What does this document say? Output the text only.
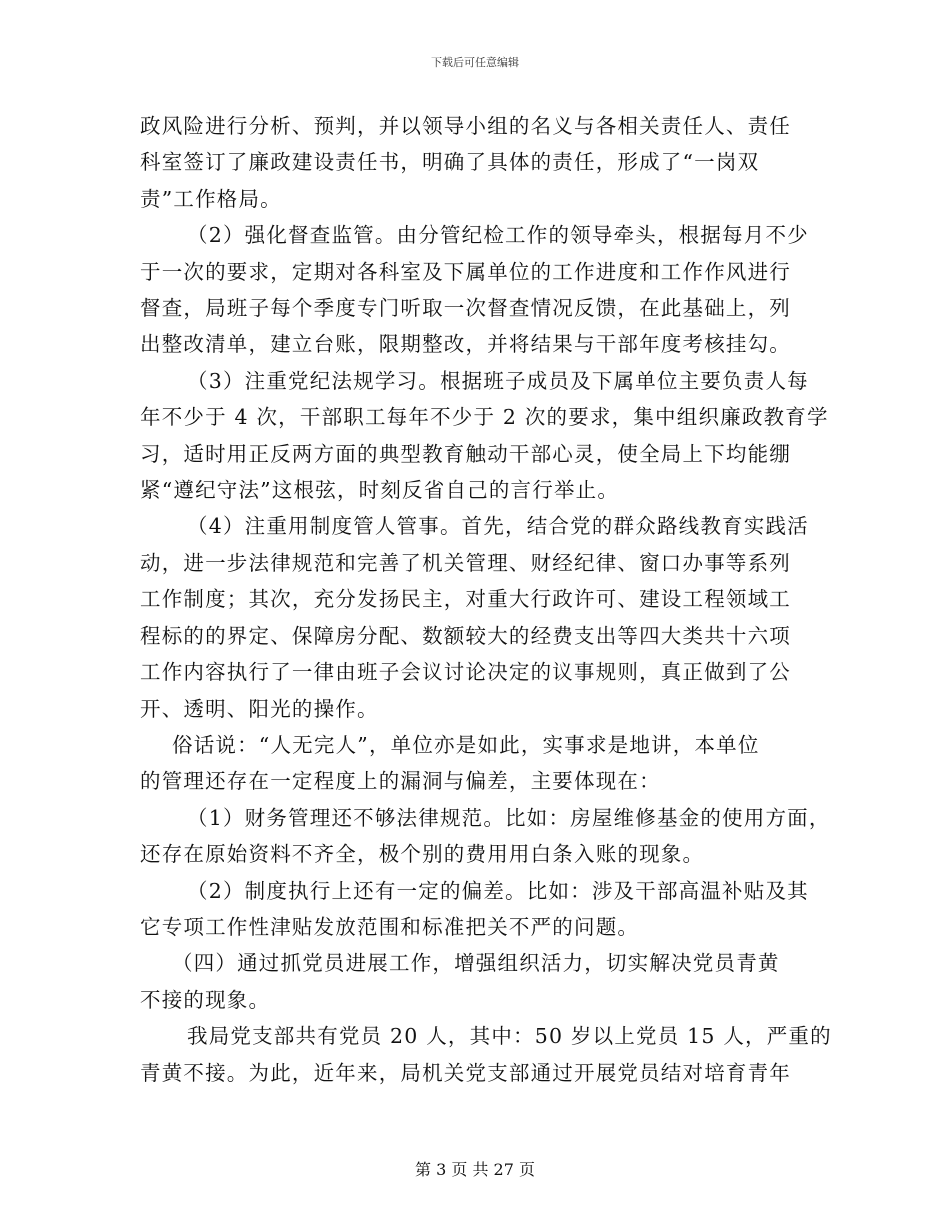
下载后可任意编辑

政风险进行分析、预判，并以领导小组的名义与各相关责任人、责任

科室签订了廉政建设责任书，明确了具体的责任，形成了“一岗双

责”工作格局。

（2）强化督查监管。由分管纪检工作的领导牵头，根据每月不少

于一次的要求，定期对各科室及下属单位的工作进度和工作作风进行

督查，局班子每个季度专门听取一次督查情况反馈，在此基础上，列

出整改清单，建立台账，限期整改，并将结果与干部年度考核挂勾。

（3）注重党纪法规学习。根据班子成员及下属单位主要负责人每

年不少于 4 次，干部职工每年不少于 2 次的要求，集中组织廉政教育学

习，适时用正反两方面的典型教育触动干部心灵，使全局上下均能绷

紧“遵纪守法”这根弦，时刻反省自己的言行举止。

（4）注重用制度管人管事。首先，结合党的群众路线教育实践活

动，进一步法律规范和完善了机关管理、财经纪律、窗口办事等系列

工作制度；其次，充分发扬民主，对重大行政许可、建设工程领域工

程标的的界定、保障房分配、数额较大的经费支出等四大类共十六项

工作内容执行了一律由班子会议讨论决定的议事规则，真正做到了公

开、透明、阳光的操作。

俗话说：“人无完人”，单位亦是如此，实事求是地讲，本单位

的管理还存在一定程度上的漏洞与偏差，主要体现在：

（1）财务管理还不够法律规范。比如：房屋维修基金的使用方面，

还存在原始资料不齐全，极个别的费用用白条入账的现象。

（2）制度执行上还有一定的偏差。比如：涉及干部高温补贴及其

它专项工作性津贴发放范围和标准把关不严的问题。

（四）通过抓党员进展工作，增强组织活力，切实解决党员青黄

不接的现象。

我局党支部共有党员 20 人，其中：50 岁以上党员 15 人，严重的

青黄不接。为此，近年来，局机关党支部通过开展党员结对培育青年

第 3 页 共 27 页
